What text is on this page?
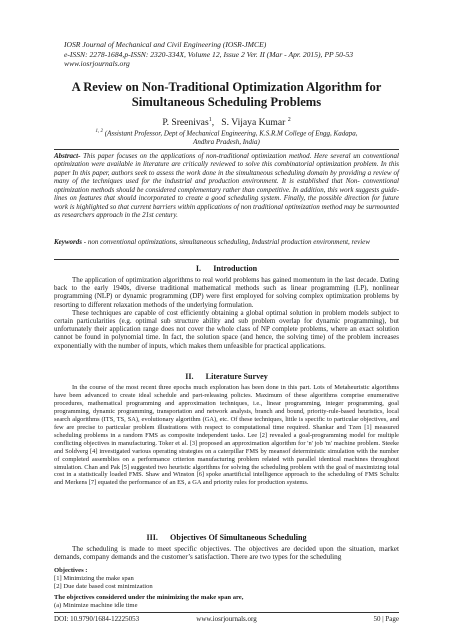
IOSR Journal of Mechanical and Civil Engineering (IOSR-JMCE)
e-ISSN: 2278-1684,p-ISSN: 2320-334X, Volume 12, Issue 2 Ver. II (Mar - Apr. 2015), PP 50-53
www.iosrjournals.org
A Review on Non-Traditional Optimization Algorithm for
Simultaneous Scheduling Problems
P. Sreenivas$^1$,   S. Vijaya Kumar $^2$
$^{1, 2}$ (Assistant Professor, Dept of Mechanical Engineering, K.S.R.M College of Engg, Kadapa,
Andhra Pradesh, India)
Abstract- This paper focuses on the applications of non-traditional optimization method. Here several un conventional optimization were available in literature are critically reviewed to solve this combinatorial optimization problem. In this paper In this paper, authors seek to assess the work done in the simultaneous scheduling domain by providing a review of many of the techniques used for the industrial and production environment. It is established that Non- conventional optimization methods should be considered complementary rather than competitive. In addition, this work suggests guide-lines on features that should incorporated to create a good scheduling system. Finally, the possible direction for future work is highlighted so that current barriers within applications of non traditional optimization method may be surmounted as researchers approach in the 21st century.
Keywords - non conventional optimizations, simultaneous scheduling, Industrial production environment, review
I.      Introduction

The application of optimization algorithms to real world problems has gained momentum in the last decade. Dating back to the early 1940s, diverse traditional mathematical methods such as linear programming (LP), nonlinear programming (NLP) or dynamic programming (DP) were first employed for solving complex optimization problems by resorting to different relaxation methods of the underlying formulation.

These techniques are capable of cost efficiently obtaining a global optimal solution in problem models subject to certain particularities (e.g. optimal sub structure ability and sub problem overlap for dynamic programming), but unfortunately their application range does not cover the whole class of NP complete problems, where an exact solution cannot be found in polynomial time. In fact, the solution space (and hence, the solving time) of the problem increases exponentially with the number of inputs, which makes them unfeasible for practical applications.

II.      Literature Survey

In the course of the most recent three epochs much exploration has been done in this part. Lots of Metaheuristic algorithms have been advanced to create ideal schedule and part-releasing policies. Maximum of these algorithms comprise enumerative procedures, mathematical programming and approximation techniques, i.e., linear programming, integer programming, goal programming, dynamic programming, transportation and network analysis, branch and bound, priority-rule-based heuristics, local search algorithms (ITS, TS, SA), evolutionary algorithm (GA), etc. Of these techniques, little is specific to particular objectives, and few are precise to particular problem illustrations with respect to computational time required. Shankar and Tzen [1] measured scheduling problems in a random FMS as composite independent tasks. Lee [2] revealed a goal-programming model for multiple conflicting objectives in manufacturing. Toker et al. [3] proposed an approximation algorithm for 'n' job 'm' machine problem. Steeke and Soldverg [4] investigated various operating strategies on a caterpillar FMS by meansof deterministic simulation with the number of completed assemblies on a performance criterion manufacturing problem related with parallel identical machines throughout simulation. Chan and Pak [5] suggested two heuristic algorithms for solving the scheduling problem with the goal of maximizing total cost in a statistically loaded FMS. Shaw and Winston [6] spoke anartificial intelligence approach to the scheduling of FMS Schultz and Merkens [7] equated the performance of an ES, a GA and priority rules for production systems.

III.      Objectives Of Simultaneous Scheduling

The scheduling is made to meet specific objectives. The objectives are decided upon the situation, market demands, company demands and the customer’s satisfaction. There are two types for the scheduling

Objectives :
[1] Minimizing the make span
[2] Due date based cost minimization
The objectives considered under the minimizing the make span are,
(a) Minimize machine idle time
DOI: 10.9790/1684-12225053	www.iosrjournals.org	50 | Page
